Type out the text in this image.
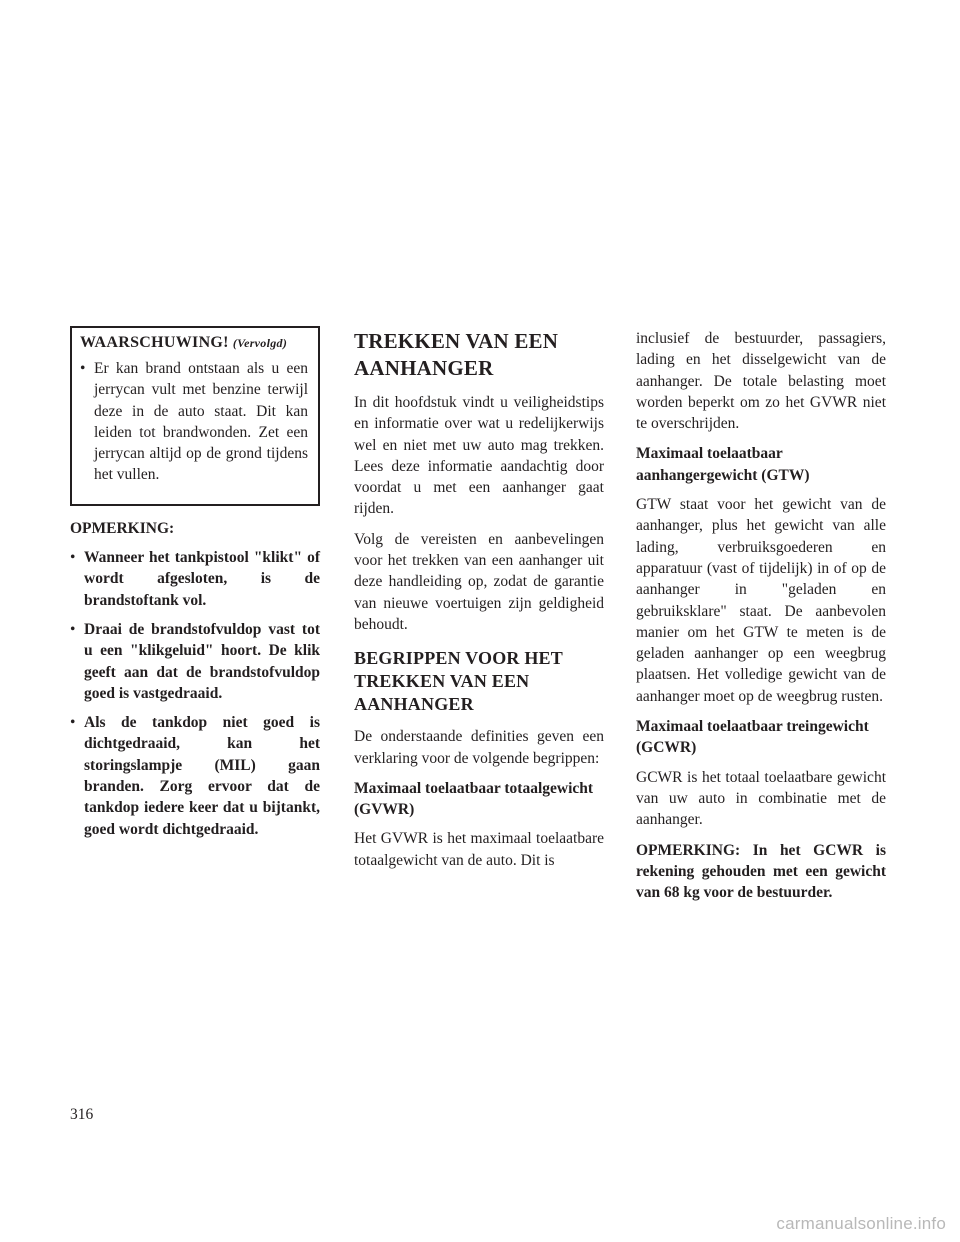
WAARSCHUWING! (Vervolgd)
• Er kan brand ontstaan als u een jerrycan vult met benzine terwijl deze in de auto staat. Dit kan leiden tot brandwonden. Zet een jerrycan altijd op de grond tijdens het vullen.

OPMERKING:

• Wanneer het tankpistool "klikt" of wordt afgesloten, is de brandstoftank vol.

• Draai de brandstofvuldop vast tot u een "klikgeluid" hoort. De klik geeft aan dat de brandstofvuldop goed is vastgedraaid.

• Als de tankdop niet goed is dichtgedraaid, kan het storingslampje (MIL) gaan branden. Zorg ervoor dat de tankdop iedere keer dat u bijtankt, goed wordt dichtgedraaid.

TREKKEN VAN EEN AANHANGER

In dit hoofdstuk vindt u veiligheidstips en informatie over wat u redelijkerwijs wel en niet met uw auto mag trekken. Lees deze informatie aandachtig door voordat u met een aanhanger gaat rijden.

Volg de vereisten en aanbevelingen voor het trekken van een aanhanger uit deze handleiding op, zodat de garantie van nieuwe voertuigen zijn geldigheid behoudt.

BEGRIPPEN VOOR HET TREKKEN VAN EEN AANHANGER

De onderstaande definities geven een verklaring voor de volgende begrippen:

Maximaal toelaatbaar totaalgewicht (GVWR)

Het GVWR is het maximaal toelaatbare totaalgewicht van de auto. Dit is

inclusief de bestuurder, passagiers, lading en het disselgewicht van de aanhanger. De totale belasting moet worden beperkt om zo het GVWR niet te overschrijden.

Maximaal toelaatbaar aanhangergewicht (GTW)

GTW staat voor het gewicht van de aanhanger, plus het gewicht van alle lading, verbruiksgoederen en apparatuur (vast of tijdelijk) in of op de aanhanger in "geladen en gebruiksklare" staat. De aanbevolen manier om het GTW te meten is de geladen aanhanger op een weegbrug plaatsen. Het volledige gewicht van de aanhanger moet op de weegbrug rusten.

Maximaal toelaatbaar treingewicht (GCWR)

GCWR is het totaal toelaatbare gewicht van uw auto in combinatie met de aanhanger.

OPMERKING: In het GCWR is rekening gehouden met een gewicht van 68 kg voor de bestuurder.

316
carmanualsonline.info
